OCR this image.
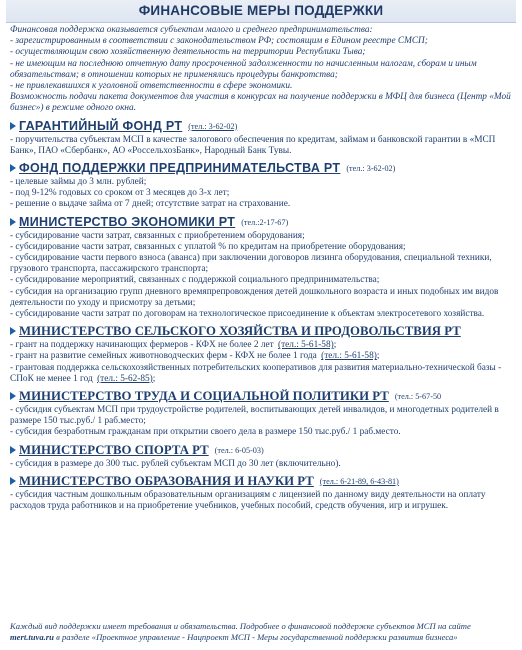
ФИНАНСОВЫЕ МЕРЫ ПОДДЕРЖКИ

Финансовая поддержка оказывается субъектам малого и среднего предпринимательства:

- зарегистрированным в соответствии с законодательством РФ; состоящим в Едином реестре СМСП;

- осуществляющим свою хозяйственную деятельность на территории Республики Тыва;

- не имеющим на последнюю отчетную дату просроченной задолженности по начисленным налогам, сборам и иным обязательствам; в отношении которых не применялись процедуры банкротства;

- не привлекавшихся к уголовной ответственности в сфере экономики.

Возможность подачи пакета документов для участия в конкурсах на получение поддержки в МФЦ для бизнеса (Центр «Мой бизнес») в режиме одного окна.

ГАРАНТИЙНЫЙ ФОНД РТ (тел.: 3-62-02)
- поручительства субъектам МСП в качестве залогового обеспечения по кредитам, займам и банковской гарантии в «МСП Банк», ПАО «Сбербанк», АО «РоссельхозБанк», Народный Банк Тувы.
ФОНД ПОДДЕРЖКИ ПРЕДПРИНИМАТЕЛЬСТВА РТ (тел.: 3-62-02)
- целевые займы до 3 млн. рублей;
- под 9-12% годовых со сроком от 3 месяцев до 3-х лет;
- решение о выдаче займа от 7 дней; отсутствие затрат на страхование.
МИНИСТЕРСТВО ЭКОНОМИКИ РТ (тел.:2-17-67)
- субсидирование части затрат, связанных с приобретением оборудования;
- субсидирование части затрат, связанных с уплатой % по кредитам на приобретение оборудования;
- субсидирование части первого взноса (аванса) при заключении договоров лизинга оборудования, специальной техники, грузового транспорта, пассажирского транспорта;
- субсидирование мероприятий, связанных с поддержкой социального предпринимательства;
- субсидия на организацию групп дневного времяпрепровождения детей дошкольного возраста и иных подобных им видов деятельности по уходу и присмотру за детьми;
- субсидирование части затрат по договорам на технологическое присоединение к объектам электросетевого хозяйства.
МИНИСТЕРСТВО СЕЛЬСКОГО ХОЗЯЙСТВА И ПРОДОВОЛЬСТВИЯ РТ
- грант на поддержку начинающих фермеров - КФХ не более 2 лет (тел.: 5-61-58);
- грант на развитие семейных животноводческих ферм - КФХ не более 1 года (тел.: 5-61-58);
- грантовая поддержка сельскохозяйственных потребительских кооперативов для развития материально-технической базы - СПоК не менее 1 год (тел.: 5-62-85);
МИНИСТЕРСТВО ТРУДА И СОЦИАЛЬНОЙ ПОЛИТИКИ РТ (тел.: 5-67-50
- субсидия субъектам МСП при трудоустройстве родителей, воспитывающих детей инвалидов, и многодетных родителей в размере 150 тыс.руб./ 1 раб.место;
- субсидия безработным гражданам при открытии своего дела в размере 150 тыс.руб./ 1 раб.место.
МИНИСТЕРСТВО СПОРТА РТ (тел.: 6-05-03)
- субсидия в размере до 300 тыс. рублей субъектам МСП до 30 лет (включительно).
МИНИСТЕРСТВО ОБРАЗОВАНИЯ И НАУКИ РТ (тел.: 6-21-89, 6-43-81)
- субсидия частным дошкольным образовательным организациям с лицензией по данному виду деятельности на оплату расходов труда работников и на приобретение учебников, учебных пособий, средств обучения, игр и игрушек.

Каждый вид поддержки имеет требования и обязательства. Подробнее о финансовой поддержке субъектов МСП на сайте

mert.tuva.ru в разделе «Проектное управление - Нацпроект МСП - Меры государственной поддержки развития бизнеса»
